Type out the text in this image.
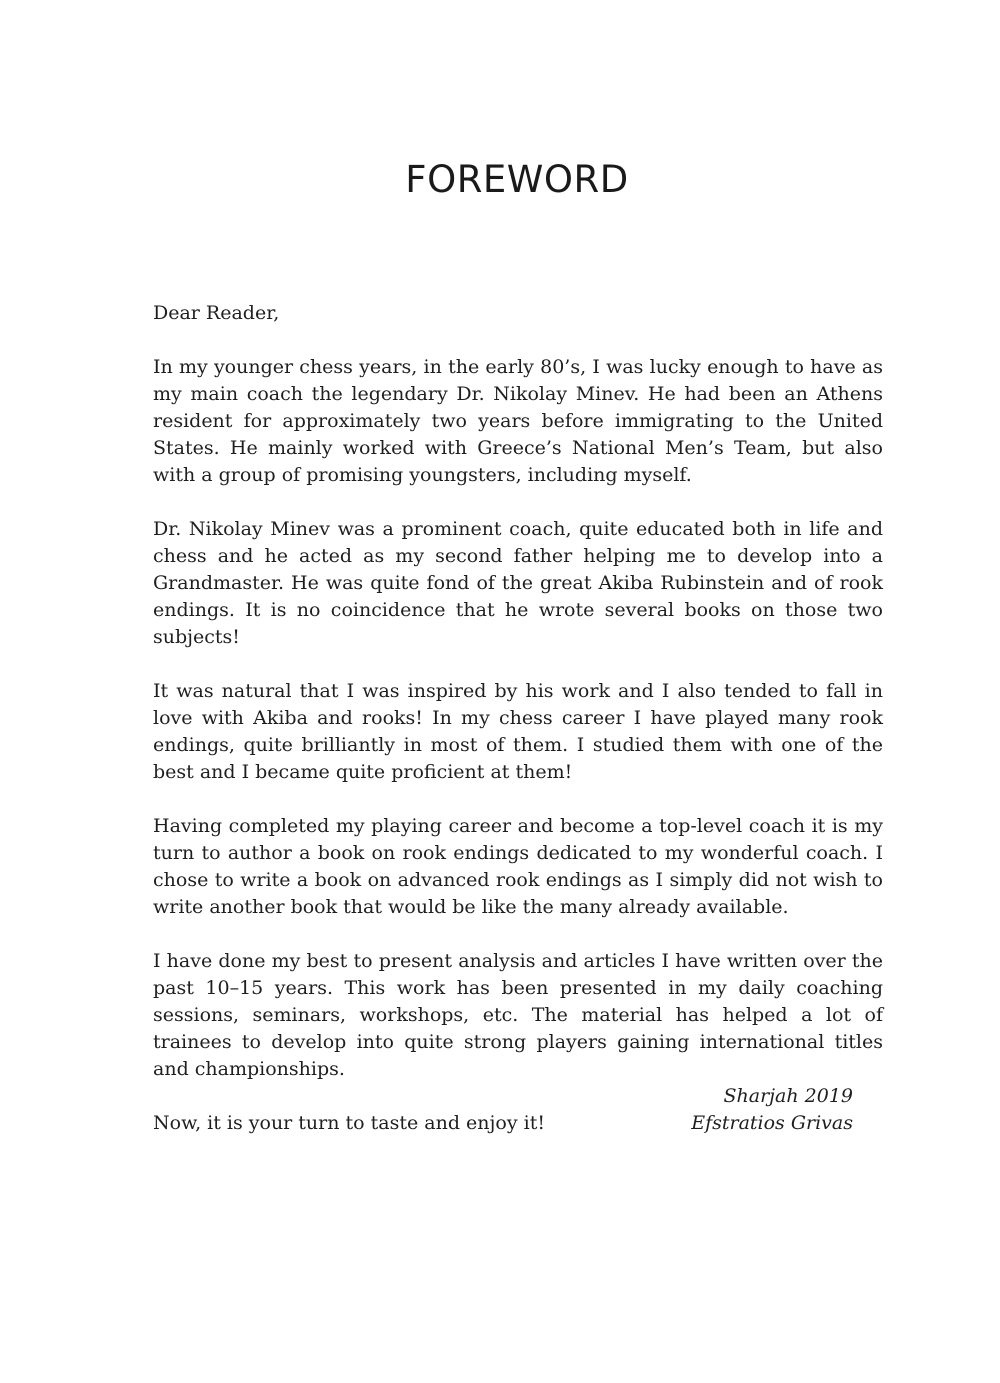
FOREWORD

Dear Reader,

In my younger chess years, in the early 80’s, I was lucky enough to have as my main coach the legendary Dr. Nikolay Minev. He had been an Athens resident for approximately two years before immigrating to the United States. He mainly worked with Greece’s National Men’s Team, but also with a group of promising youngsters, including myself.

Dr. Nikolay Minev was a prominent coach, quite educated both in life and chess and he acted as my second father helping me to develop into a Grandmaster. He was quite fond of the great Akiba Rubinstein and of rook endings. It is no coincidence that he wrote several books on those two subjects!

It was natural that I was inspired by his work and I also tended to fall in love with Akiba and rooks! In my chess career I have played many rook endings, quite brilliantly in most of them. I studied them with one of the best and I became quite proficient at them!

Having completed my playing career and become a top-level coach it is my turn to author a book on rook endings dedicated to my wonderful coach. I chose to write a book on advanced rook endings as I simply did not wish to write another book that would be like the many already available.

I have done my best to present analysis and articles I have written over the past 10–15 years. This work has been presented in my daily coaching sessions, seminars, workshops, etc. The material has helped a lot of trainees to develop into quite strong players gaining international titles and championships.

Now, it is your turn to taste and enjoy it!

Sharjah 2019
Efstratios Grivas
